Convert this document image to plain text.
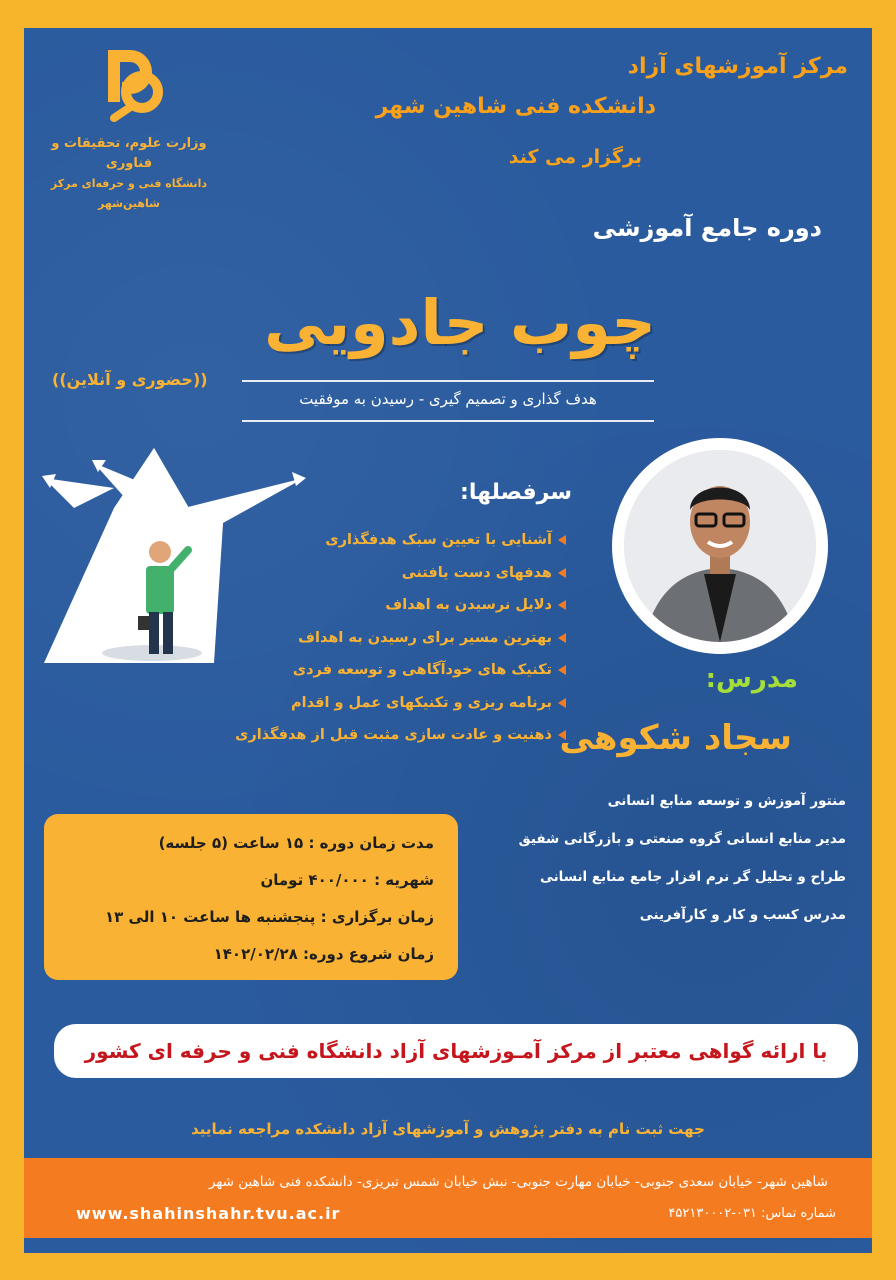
مرکز آموزشهای آزاد
دانشکده فنی شاهین شهر
برگزار می کند
وزارت علوم، تحقیقات و فناوری
دانشگاه فنی و حرفه‌ای مرکز شاهین‌شهر
دوره جامع آموزشی
چوب جادویی
((حضوری و آنلاین))
هدف گذاری و تصمیم گیری - رسیدن به موفقیت
سرفصلها:
آشنایی با تعیین سبک هدفگذاری
هدفهای دست یافتنی
دلایل نرسیدن به اهداف
بهترین مسیر برای رسیدن به اهداف
تکنیک های خودآگاهی و توسعه فردی
برنامه ریزی و تکنیکهای عمل و اقدام
ذهنیت و عادت سازی مثبت قبل از هدفگذاری
مدرس:
سجاد شکوهی
منتور آموزش و توسعه منابع انسانی
مدیر منابع انسانی گروه صنعتی و بازرگانی شفیق
طراح و تحلیل گر نرم افزار جامع منابع انسانی
مدرس کسب و کار و کارآفرینی
مدت زمان دوره : ۱۵ ساعت (۵ جلسه)
شهریه : ۴۰۰/۰۰۰ تومان
زمان برگزاری : پنجشنبه ها ساعت ۱۰ الی ۱۳
زمان شروع دوره: ۱۴۰۲/۰۲/۲۸
با ارائه گواهی معتبر از مرکز آمـوزشهای آزاد دانشگاه فنی و حرفه ای کشور
جهت ثبت نام به دفتر پژوهش و آموزشهای آزاد دانشکده مراجعه نمایید
شاهین شهر- خیابان سعدی جنوبی- خیابان مهارت جنوبی- نبش خیابان شمس تبریزی- دانشکده فنی شاهین شهر
شماره تماس: ۰۳۱-۴۵۲۱۳۰۰۰۲
www.shahinshahr.tvu.ac.ir
